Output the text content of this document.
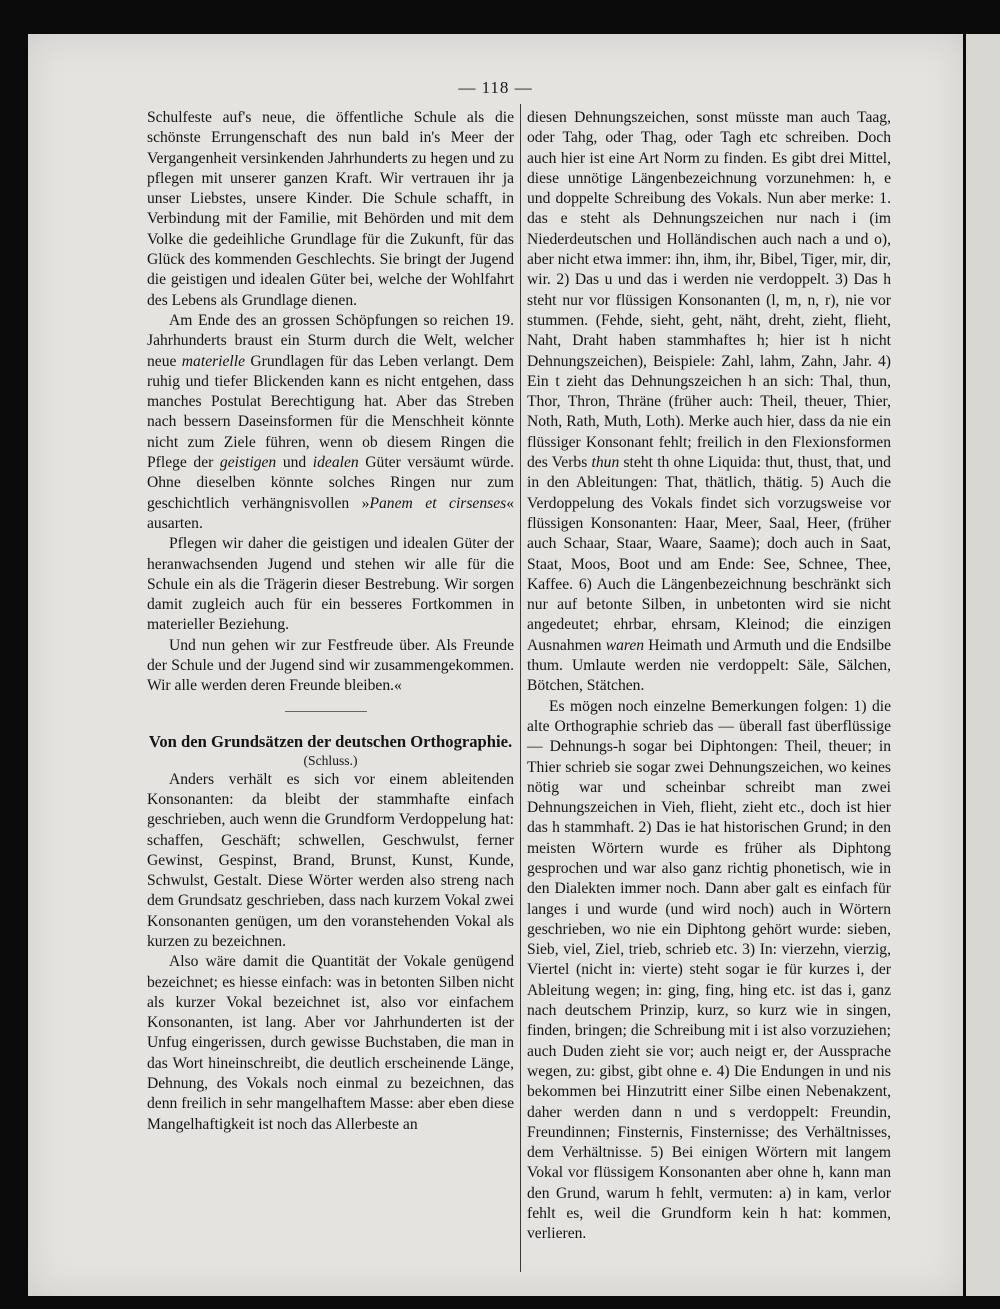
— 118 —

Schulfeste auf's neue, die öffentliche Schule als die schönste Errungenschaft des nun bald in's Meer der Vergangenheit versinkenden Jahrhunderts zu hegen und zu pflegen mit unserer ganzen Kraft. Wir vertrauen ihr ja unser Liebstes, unsere Kinder. Die Schule schafft, in Verbindung mit der Familie, mit Behörden und mit dem Volke die gedeihliche Grundlage für die Zukunft, für das Glück des kommenden Geschlechts. Sie bringt der Jugend die geistigen und idealen Güter bei, welche der Wohlfahrt des Lebens als Grundlage dienen.

Am Ende des an grossen Schöpfungen so reichen 19. Jahrhunderts braust ein Sturm durch die Welt, welcher neue materielle Grundlagen für das Leben verlangt. Dem ruhig und tiefer Blickenden kann es nicht entgehen, dass manches Postulat Berechtigung hat. Aber das Streben nach bessern Daseinsformen für die Menschheit könnte nicht zum Ziele führen, wenn ob diesem Ringen die Pflege der geistigen und idealen Güter versäumt würde. Ohne dieselben könnte solches Ringen nur zum geschichtlich verhängnisvollen »Panem et cirsenses« ausarten.

Pflegen wir daher die geistigen und idealen Güter der heranwachsenden Jugend und stehen wir alle für die Schule ein als die Trägerin dieser Bestrebung. Wir sorgen damit zugleich auch für ein besseres Fortkommen in materieller Beziehung.

Und nun gehen wir zur Festfreude über. Als Freunde der Schule und der Jugend sind wir zusammengekommen. Wir alle werden deren Freunde bleiben.«

Von den Grundsätzen der deutschen Orthographie.
(Schluss.)

Anders verhält es sich vor einem ableitenden Konsonanten: da bleibt der stammhafte einfach geschrieben, auch wenn die Grundform Verdoppelung hat: schaffen, Geschäft; schwellen, Geschwulst, ferner Gewinst, Gespinst, Brand, Brunst, Kunst, Kunde, Schwulst, Gestalt. Diese Wörter werden also streng nach dem Grundsatz geschrieben, dass nach kurzem Vokal zwei Konsonanten genügen, um den voranstehenden Vokal als kurzen zu bezeichnen.

Also wäre damit die Quantität der Vokale genügend bezeichnet; es hiesse einfach: was in betonten Silben nicht als kurzer Vokal bezeichnet ist, also vor einfachem Konsonanten, ist lang. Aber vor Jahrhunderten ist der Unfug eingerissen, durch gewisse Buchstaben, die man in das Wort hineinschreibt, die deutlich erscheinende Länge, Dehnung, des Vokals noch einmal zu bezeichnen, das denn freilich in sehr mangelhaftem Masse: aber eben diese Mangelhaftigkeit ist noch das Allerbeste an

diesen Dehnungszeichen, sonst müsste man auch Taag, oder Tahg, oder Thag, oder Tagh etc schreiben. Doch auch hier ist eine Art Norm zu finden. Es gibt drei Mittel, diese unnötige Längenbezeichnung vorzunehmen: h, e und doppelte Schreibung des Vokals. Nun aber merke: 1. das e steht als Dehnungszeichen nur nach i (im Niederdeutschen und Holländischen auch nach a und o), aber nicht etwa immer: ihn, ihm, ihr, Bibel, Tiger, mir, dir, wir. 2) Das u und das i werden nie verdoppelt. 3) Das h steht nur vor flüssigen Konsonanten (l, m, n, r), nie vor stummen. (Fehde, sieht, geht, näht, dreht, zieht, flieht, Naht, Draht haben stammhaftes h; hier ist h nicht Dehnungszeichen), Beispiele: Zahl, lahm, Zahn, Jahr. 4) Ein t zieht das Dehnungszeichen h an sich: Thal, thun, Thor, Thron, Thräne (früher auch: Theil, theuer, Thier, Noth, Rath, Muth, Loth). Merke auch hier, dass da nie ein flüssiger Konsonant fehlt; freilich in den Flexionsformen des Verbs thun steht th ohne Liquida: thut, thust, that, und in den Ableitungen: That, thätlich, thätig. 5) Auch die Verdoppelung des Vokals findet sich vorzugsweise vor flüssigen Konsonanten: Haar, Meer, Saal, Heer, (früher auch Schaar, Staar, Waare, Saame); doch auch in Saat, Staat, Moos, Boot und am Ende: See, Schnee, Thee, Kaffee. 6) Auch die Längenbezeichnung beschränkt sich nur auf betonte Silben, in unbetonten wird sie nicht angedeutet; ehrbar, ehrsam, Kleinod; die einzigen Ausnahmen waren Heimath und Armuth und die Endsilbe thum. Umlaute werden nie verdoppelt: Säle, Sälchen, Bötchen, Stätchen.

Es mögen noch einzelne Bemerkungen folgen: 1) die alte Orthographie schrieb das — überall fast überflüssige — Dehnungs-h sogar bei Diphtongen: Theil, theuer; in Thier schrieb sie sogar zwei Dehnungszeichen, wo keines nötig war und scheinbar schreibt man zwei Dehnungszeichen in Vieh, flieht, zieht etc., doch ist hier das h stammhaft. 2) Das ie hat historischen Grund; in den meisten Wörtern wurde es früher als Diphtong gesprochen und war also ganz richtig phonetisch, wie in den Dialekten immer noch. Dann aber galt es einfach für langes i und wurde (und wird noch) auch in Wörtern geschrieben, wo nie ein Diphtong gehört wurde: sieben, Sieb, viel, Ziel, trieb, schrieb etc. 3) In: vierzehn, vierzig, Viertel (nicht in: vierte) steht sogar ie für kurzes i, der Ableitung wegen; in: ging, fing, hing etc. ist das i, ganz nach deutschem Prinzip, kurz, so kurz wie in singen, finden, bringen; die Schreibung mit i ist also vorzuziehen; auch Duden zieht sie vor; auch neigt er, der Aussprache wegen, zu: gibst, gibt ohne e. 4) Die Endungen in und nis bekommen bei Hinzutritt einer Silbe einen Nebenakzent, daher werden dann n und s verdoppelt: Freundin, Freundinnen; Finsternis, Finsternisse; des Verhältnisses, dem Verhältnisse. 5) Bei einigen Wörtern mit langem Vokal vor flüssigem Konsonanten aber ohne h, kann man den Grund, warum h fehlt, vermuten: a) in kam, verlor fehlt es, weil die Grundform kein h hat: kommen, verlieren.
